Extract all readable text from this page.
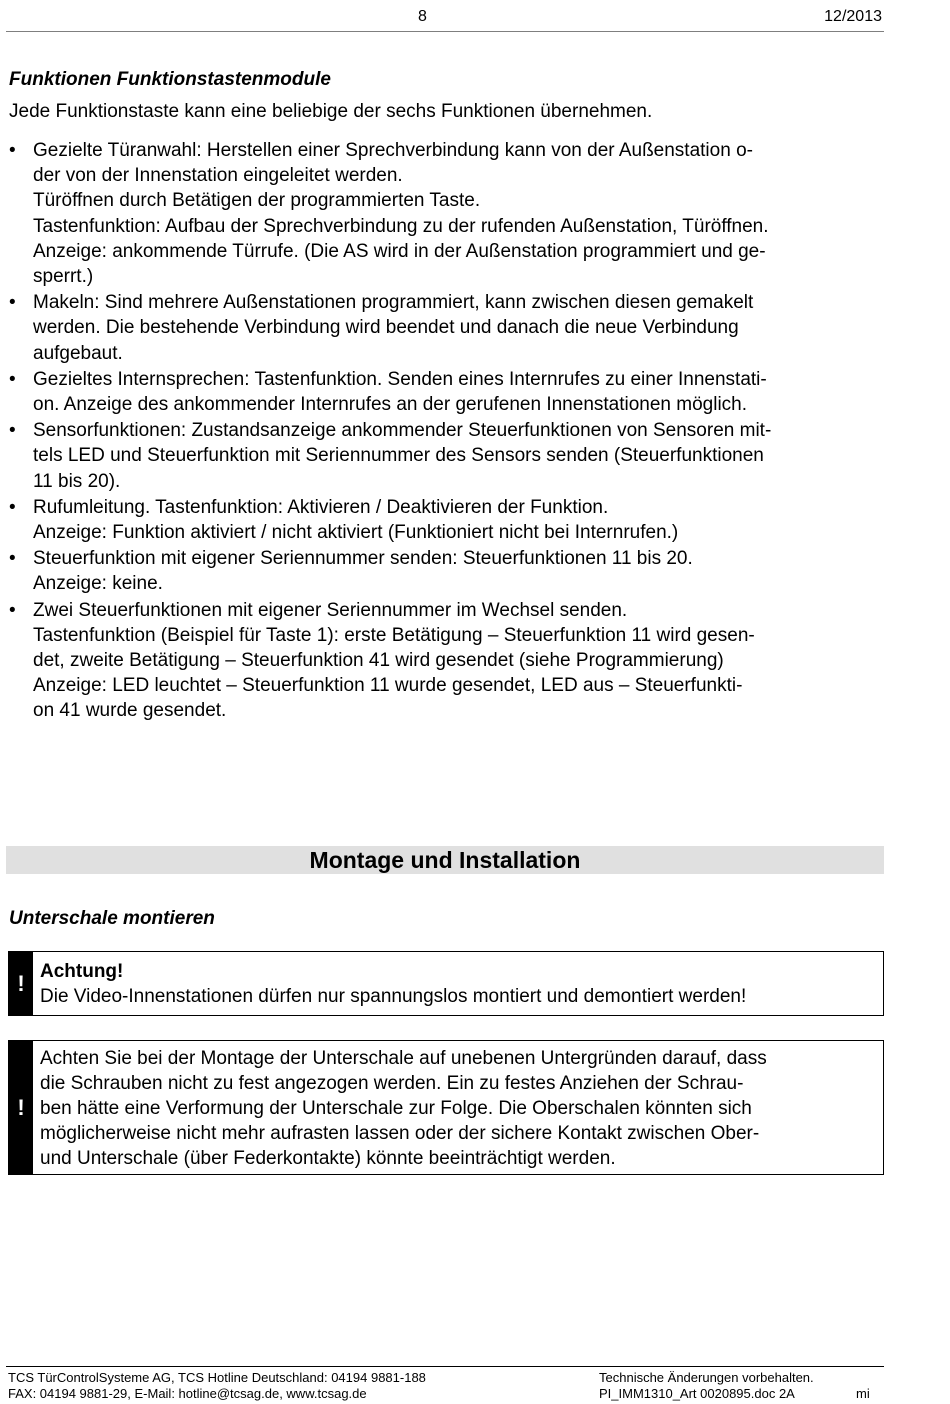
8	12/2013
Funktionen Funktionstastenmodule

Jede Funktionstaste kann eine beliebige der sechs Funktionen übernehmen.

• Gezielte Türanwahl: Herstellen einer Sprechverbindung kann von der Außenstation o-
der von der Innenstation eingeleitet werden.
Türöffnen durch Betätigen der programmierten Taste.
Tastenfunktion: Aufbau der Sprechverbindung zu der rufenden Außenstation, Türöffnen.
Anzeige: ankommende Türrufe. (Die AS wird in der Außenstation programmiert und ge-
sperrt.)
• Makeln: Sind mehrere Außenstationen programmiert, kann zwischen diesen gemakelt
werden. Die bestehende Verbindung wird beendet und danach die neue Verbindung
aufgebaut.
• Gezieltes Internsprechen: Tastenfunktion. Senden eines Internrufes zu einer Innenstati-
on. Anzeige des ankommender Internrufes an der gerufenen Innenstationen möglich.
• Sensorfunktionen: Zustandsanzeige ankommender Steuerfunktionen von Sensoren mit-
tels LED und Steuerfunktion mit Seriennummer des Sensors senden (Steuerfunktionen
11 bis 20).
• Rufumleitung. Tastenfunktion: Aktivieren / Deaktivieren der Funktion.
Anzeige: Funktion aktiviert / nicht aktiviert (Funktioniert nicht bei Internrufen.)
• Steuerfunktion mit eigener Seriennummer senden: Steuerfunktionen 11 bis 20.
Anzeige: keine.
• Zwei Steuerfunktionen mit eigener Seriennummer im Wechsel senden.
Tastenfunktion (Beispiel für Taste 1): erste Betätigung – Steuerfunktion 11 wird gesen-
det, zweite Betätigung – Steuerfunktion 41 wird gesendet (siehe Programmierung)
Anzeige: LED leuchtet – Steuerfunktion 11 wurde gesendet, LED aus – Steuerfunkti-
on 41 wurde gesendet.
Montage und Installation
Unterschale montieren
! Achtung!
Die Video-Innenstationen dürfen nur spannungslos montiert und demontiert werden!
!
Achten Sie bei der Montage der Unterschale auf unebenen Untergründen darauf, dass
die Schrauben nicht zu fest angezogen werden. Ein zu festes Anziehen der Schrau-
ben hätte eine Verformung der Unterschale zur Folge. Die Oberschalen könnten sich
möglicherweise nicht mehr aufrasten lassen oder der sichere Kontakt zwischen Ober-
und Unterschale (über Federkontakte) könnte beeinträchtigt werden.
TCS TürControlSysteme AG, TCS Hotline Deutschland: 04194 9881-188
FAX: 04194 9881-29, E-Mail: hotline@tcsag.de, www.tcsag.de
Technische Änderungen vorbehalten.
PI_IMM1310_Art 0020895.doc 2A	mi
